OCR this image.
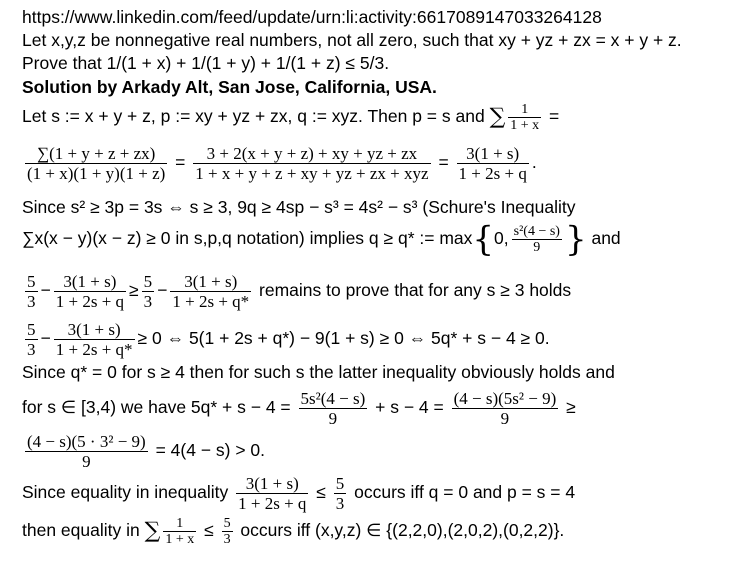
https://www.linkedin.com/feed/update/urn:li:activity:6617089147033264128
Let x,y,z be nonnegative real numbers, not all zero, such that xy + yz + zx = x + y + z.
Prove that 1/(1 + x) + 1/(1 + y) + 1/(1 + z) ≤ 5/3.
Solution by Arkady Alt, San Jose, California, USA.
Let s := x + y + z, p := xy + yz + zx, q := xyz. Then p = s and ∑ $\frac{1}{1 + x}$ =
$\frac{\sum(1 + y + z + zx)}{(1 + x)(1 + y)(1 + z)} = \frac{3 + 2(x + y + z) + xy + yz + zx}{\text{1 + x + y + z + xy + yz + zx + xyz}} = \frac{3(1 + s)}{1 + 2s + q}$ .
Since s² ≥ 3p = 3s ⇔ s ≥ 3, 9q ≥ 4sp − s³ = 4s² − s³ (Schure's Inequality
∑x(x − y)(x − z) ≥ 0 in s,p,q notation) implies q ≥ q* := max{0, $\frac{\text{s²(4 − s)}}{9}$ } and
$\frac{5}{3} - \frac{3(1 + s)}{1 + 2s + q} \ge \frac{5}{3} - \frac{3(1 + s)}{1 + 2s + q*}$ remains to prove that for any s ≥ 3 holds
$\frac{5}{3} - \frac{3(1 + s)}{1 + 2s + q*} \ge 0$ ⇔ 5(1 + 2s + q*) − 9(1 + s) ≥ 0 ⇔ 5q* + s − 4 ≥ 0.
Since q* = 0 for s ≥ 4 then for such s the latter inequality obviously holds and
for s ∈ [3,4) we have $5q* + s - 4 = \frac{\text{5s²(4 − s)}}{9} + s - 4 = \frac{\text{(4 − s)(5s² − 9)}}{9}$ ≥
$\frac{\text{(4 − s)(5 · 3² − 9)}}{9} = 4(4 - s) > 0$.
Since equality in inequality $\frac{3(1 + s)}{1 + 2s + q} \le \frac{5}{3}$ occurs iff q = 0 and p = s = 4
then equality in ∑ $\frac{1}{1 + x} \le \frac{5}{3}$ occurs iff (x,y,z) ∈ {(2,2,0),(2,0,2),(0,2,2)}.
